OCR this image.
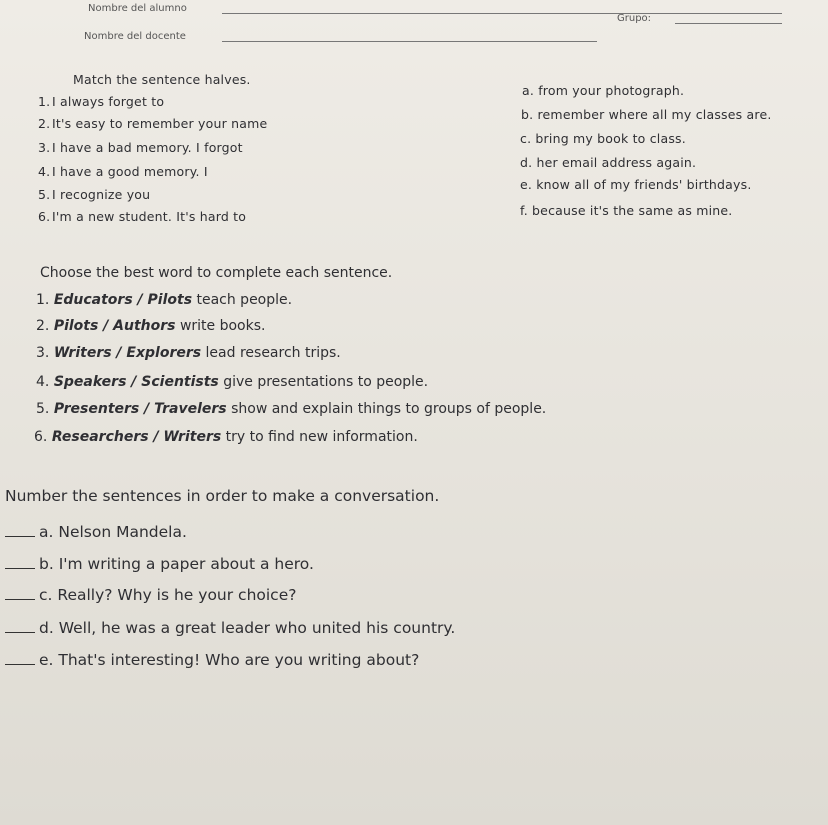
Nombre del alumno
Nombre del docente
Grupo:
Match the sentence halves.
1. I always forget to
2. It's easy to remember your name
3. I have a bad memory. I forgot
4. I have a good memory. I
5. I recognize you
6. I'm a new student. It's hard to
a. from your photograph.
b. remember where all my classes are.
c. bring my book to class.
d. her email address again.
e. know all of my friends' birthdays.
f. because it's the same as mine.
Choose the best word to complete each sentence.
1. Educators / Pilots teach people.
2. Pilots / Authors write books.
3. Writers / Explorers lead research trips.
4. Speakers / Scientists give presentations to people.
5. Presenters / Travelers show and explain things to groups of people.
6. Researchers / Writers try to find new information.
Number the sentences in order to make a conversation.
a. Nelson Mandela.
b. I'm writing a paper about a hero.
c. Really? Why is he your choice?
d. Well, he was a great leader who united his country.
e. That's interesting! Who are you writing about?
